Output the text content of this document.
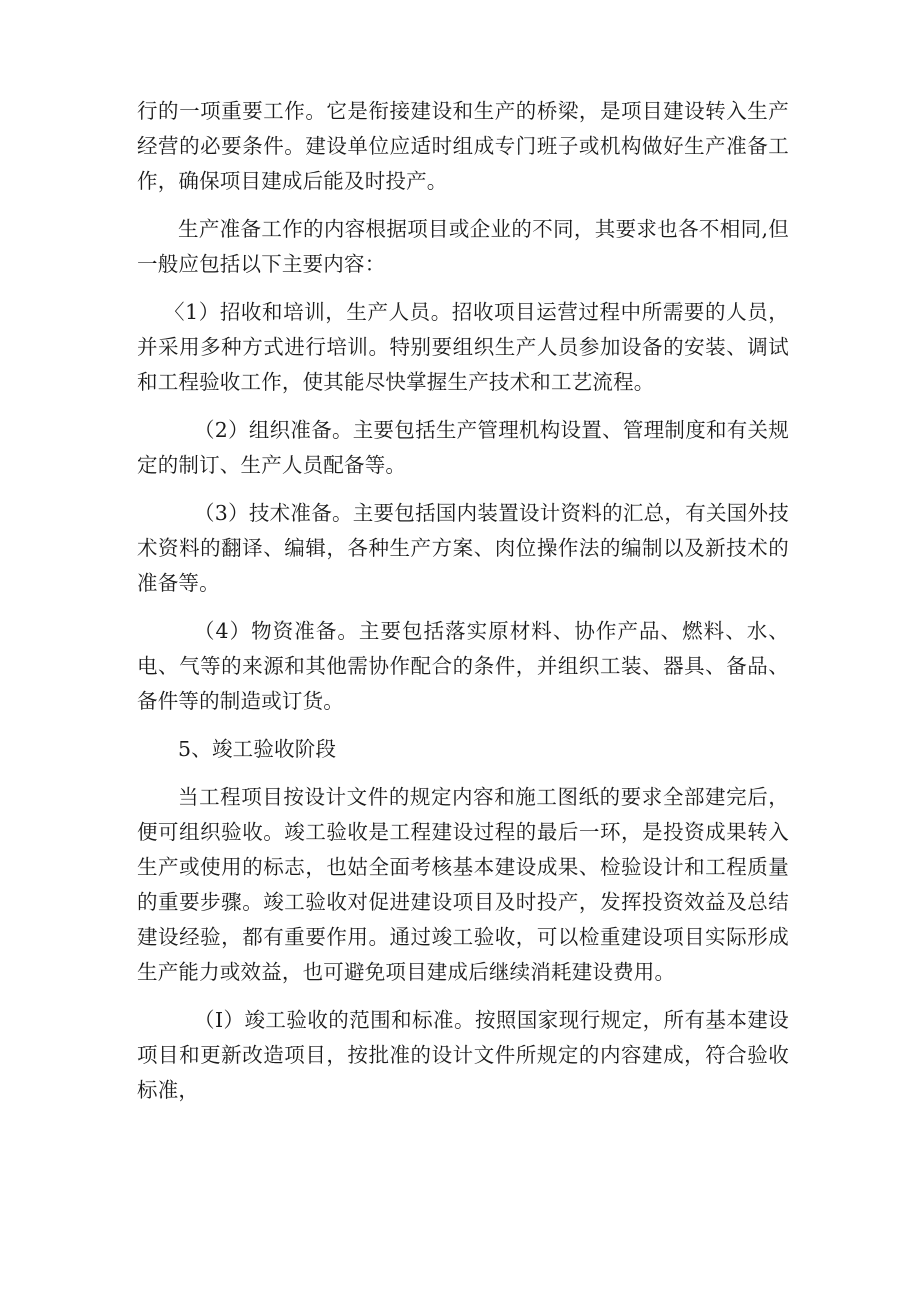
行的一项重要工作。它是衔接建设和生产的桥梁，是项目建设转入生产经营的必要条件。建设单位应适时组成专门班子或机构做好生产准备工作，确保项目建成后能及时投产。

生产准备工作的内容根据项目或企业的不同，其要求也各不相同,但一般应包括以下主要内容：

〈1）招收和培训，生产人员。招收项目运营过程中所需要的人员，并采用多种方式进行培训。特别要组织生产人员参加设备的安装、调试和工程验收工作，使其能尽快掌握生产技术和工艺流程。

（2）组织准备。主要包括生产管理机构设置、管理制度和有关规定的制订、生产人员配备等。

（3）技术准备。主要包括国内装置设计资料的汇总，有关国外技术资料的翻译、编辑，各种生产方案、肉位操作法的编制以及新技术的准备等。

（4）物资准备。主要包括落实原材料、协作产品、燃料、水、电、气等的来源和其他需协作配合的条件，并组织工装、器具、备品、备件等的制造或订货。

5、竣工验收阶段

当工程项目按设计文件的规定内容和施工图纸的要求全部建完后，便可组织验收。竣工验收是工程建设过程的最后一环，是投资成果转入生产或使用的标志，也姑全面考核基本建设成果、检验设计和工程质量的重要步骤。竣工验收对促进建设项目及时投产，发挥投资效益及总结建设经验，都有重要作用。通过竣工验收，可以检重建设项目实际形成生产能力或效益，也可避免项目建成后继续消耗建设费用。

（I）竣工验收的范围和标准。按照国家现行规定，所有基本建设项目和更新改造项目，按批准的设计文件所规定的内容建成，符合验收标准，
